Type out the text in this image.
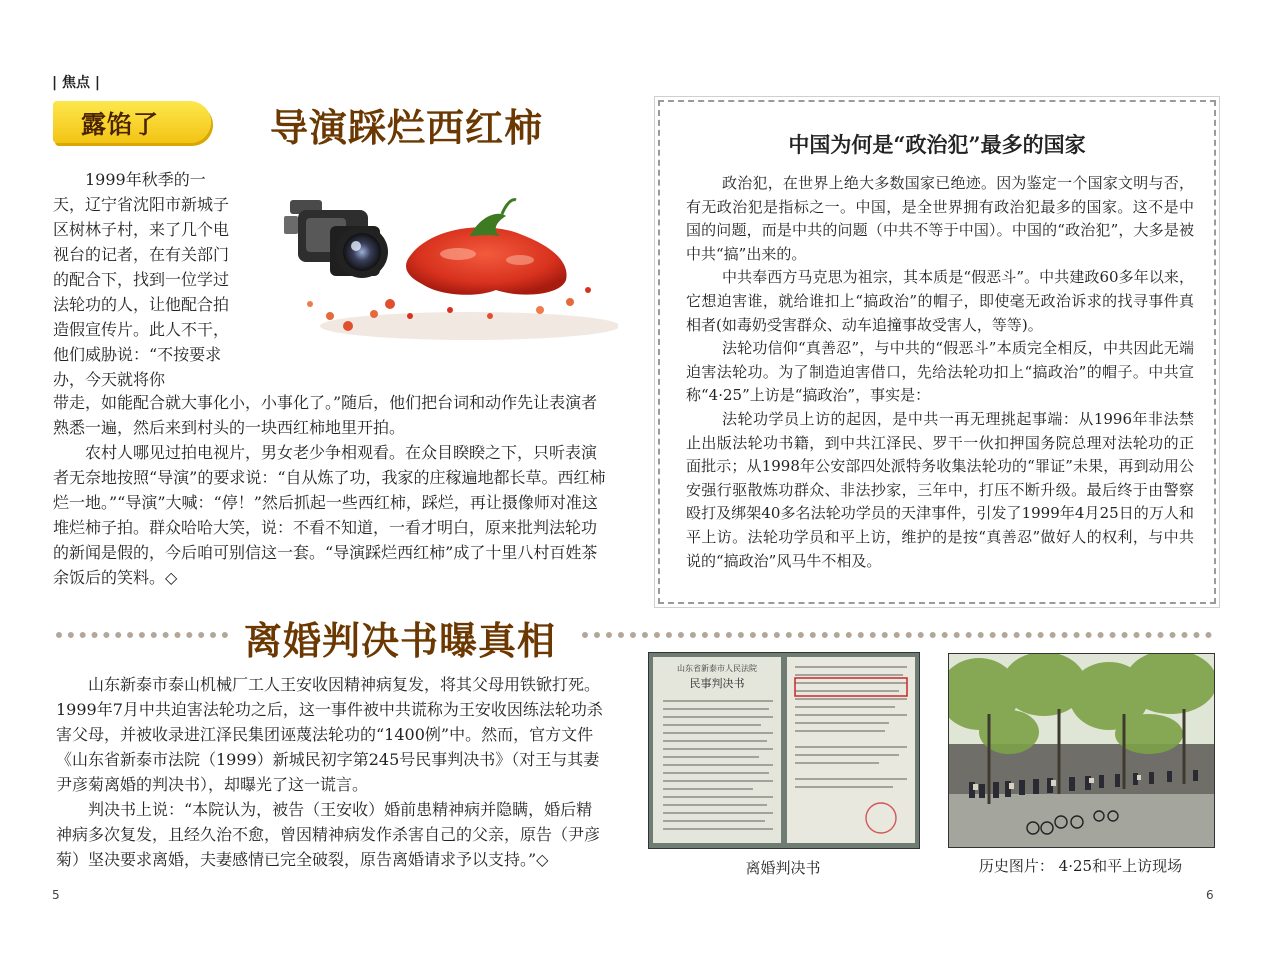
| 焦点 |
露馅了	导演踩烂西红柿

1999年秋季的一天，辽宁省沈阳市新城子区树林子村，来了几个电视台的记者，在有关部门的配合下，找到一位学过法轮功的人，让他配合拍造假宣传片。此人不干，他们威胁说：“不按要求办，今天就将你

带走，如能配合就大事化小，小事化了。”随后，他们把台词和动作先让表演者熟悉一遍，然后来到村头的一块西红柿地里开拍。

农村人哪见过拍电视片，男女老少争相观看。在众目睽睽之下，只听表演者无奈地按照“导演”的要求说：“自从炼了功，我家的庄稼遍地都长草。西红柿烂一地。”“导演”大喊：“停！”然后抓起一些西红柿，踩烂，再让摄像师对准这堆烂柿子拍。群众哈哈大笑，说：不看不知道，一看才明白，原来批判法轮功的新闻是假的，今后咱可别信这一套。“导演踩烂西红柿”成了十里八村百姓茶余饭后的笑料。◇

中国为何是“政治犯”最多的国家

政治犯，在世界上绝大多数国家已绝迹。因为鉴定一个国家文明与否，有无政治犯是指标之一。中国，是全世界拥有政治犯最多的国家。这不是中国的问题，而是中共的问题（中共不等于中国）。中国的“政治犯”，大多是被中共“搞”出来的。

中共奉西方马克思为祖宗，其本质是“假恶斗”。中共建政60多年以来，它想迫害谁，就给谁扣上“搞政治”的帽子，即使毫无政治诉求的找寻事件真相者(如毒奶受害群众、动车追撞事故受害人，等等)。

法轮功信仰“真善忍”，与中共的“假恶斗”本质完全相反，中共因此无端迫害法轮功。为了制造迫害借口，先给法轮功扣上“搞政治”的帽子。中共宣称“4·25”上访是“搞政治”，事实是：

法轮功学员上访的起因，是中共一再无理挑起事端：从1996年非法禁止出版法轮功书籍，到中共江泽民、罗干一伙扣押国务院总理对法轮功的正面批示；从1998年公安部四处派特务收集法轮功的“罪证”未果，再到动用公安强行驱散炼功群众、非法抄家，三年中，打压不断升级。最后终于由警察殴打及绑架40多名法轮功学员的天津事件，引发了1999年4月25日的万人和平上访。法轮功学员和平上访，维护的是按“真善忍”做好人的权利，与中共说的“搞政治”风马牛不相及。

离婚判决书曝真相

山东新泰市泰山机械厂工人王安收因精神病复发，将其父母用铁锨打死。1999年7月中共迫害法轮功之后，这一事件被中共谎称为王安收因练法轮功杀害父母，并被收录进江泽民集团诬蔑法轮功的“1400例”中。然而，官方文件《山东省新泰市法院（1999）新城民初字第245号民事判决书》（对王与其妻尹彦菊离婚的判决书），却曝光了这一谎言。

判决书上说：“本院认为，被告（王安收）婚前患精神病并隐瞒，婚后精神病多次复发，且经久治不愈，曾因精神病发作杀害自己的父亲，原告（尹彦菊）坚决要求离婚，夫妻感情已完全破裂，原告离婚请求予以支持。”◇

山东省新泰市人民法院
民事判决书
离婚判决书	历史图片： 4·25和平上访现场
5	6
